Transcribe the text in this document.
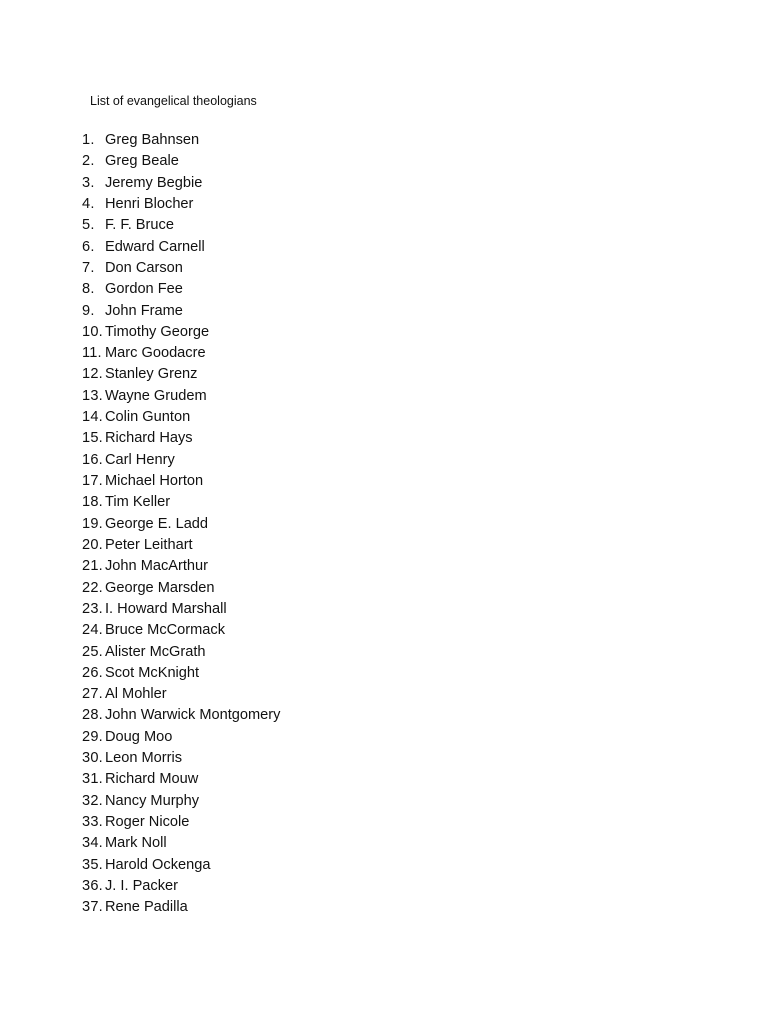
List of evangelical theologians
1. Greg Bahnsen
2. Greg Beale
3. Jeremy Begbie
4. Henri Blocher
5. F. F. Bruce
6. Edward Carnell
7. Don Carson
8. Gordon Fee
9. John Frame
10. Timothy George
11. Marc Goodacre
12. Stanley Grenz
13. Wayne Grudem
14. Colin Gunton
15. Richard Hays
16. Carl Henry
17. Michael Horton
18. Tim Keller
19. George E. Ladd
20. Peter Leithart
21. John MacArthur
22. George Marsden
23. I. Howard Marshall
24. Bruce McCormack
25. Alister McGrath
26. Scot McKnight
27. Al Mohler
28. John Warwick Montgomery
29. Doug Moo
30. Leon Morris
31. Richard Mouw
32. Nancy Murphy
33. Roger Nicole
34. Mark Noll
35. Harold Ockenga
36. J. I. Packer
37. Rene Padilla
